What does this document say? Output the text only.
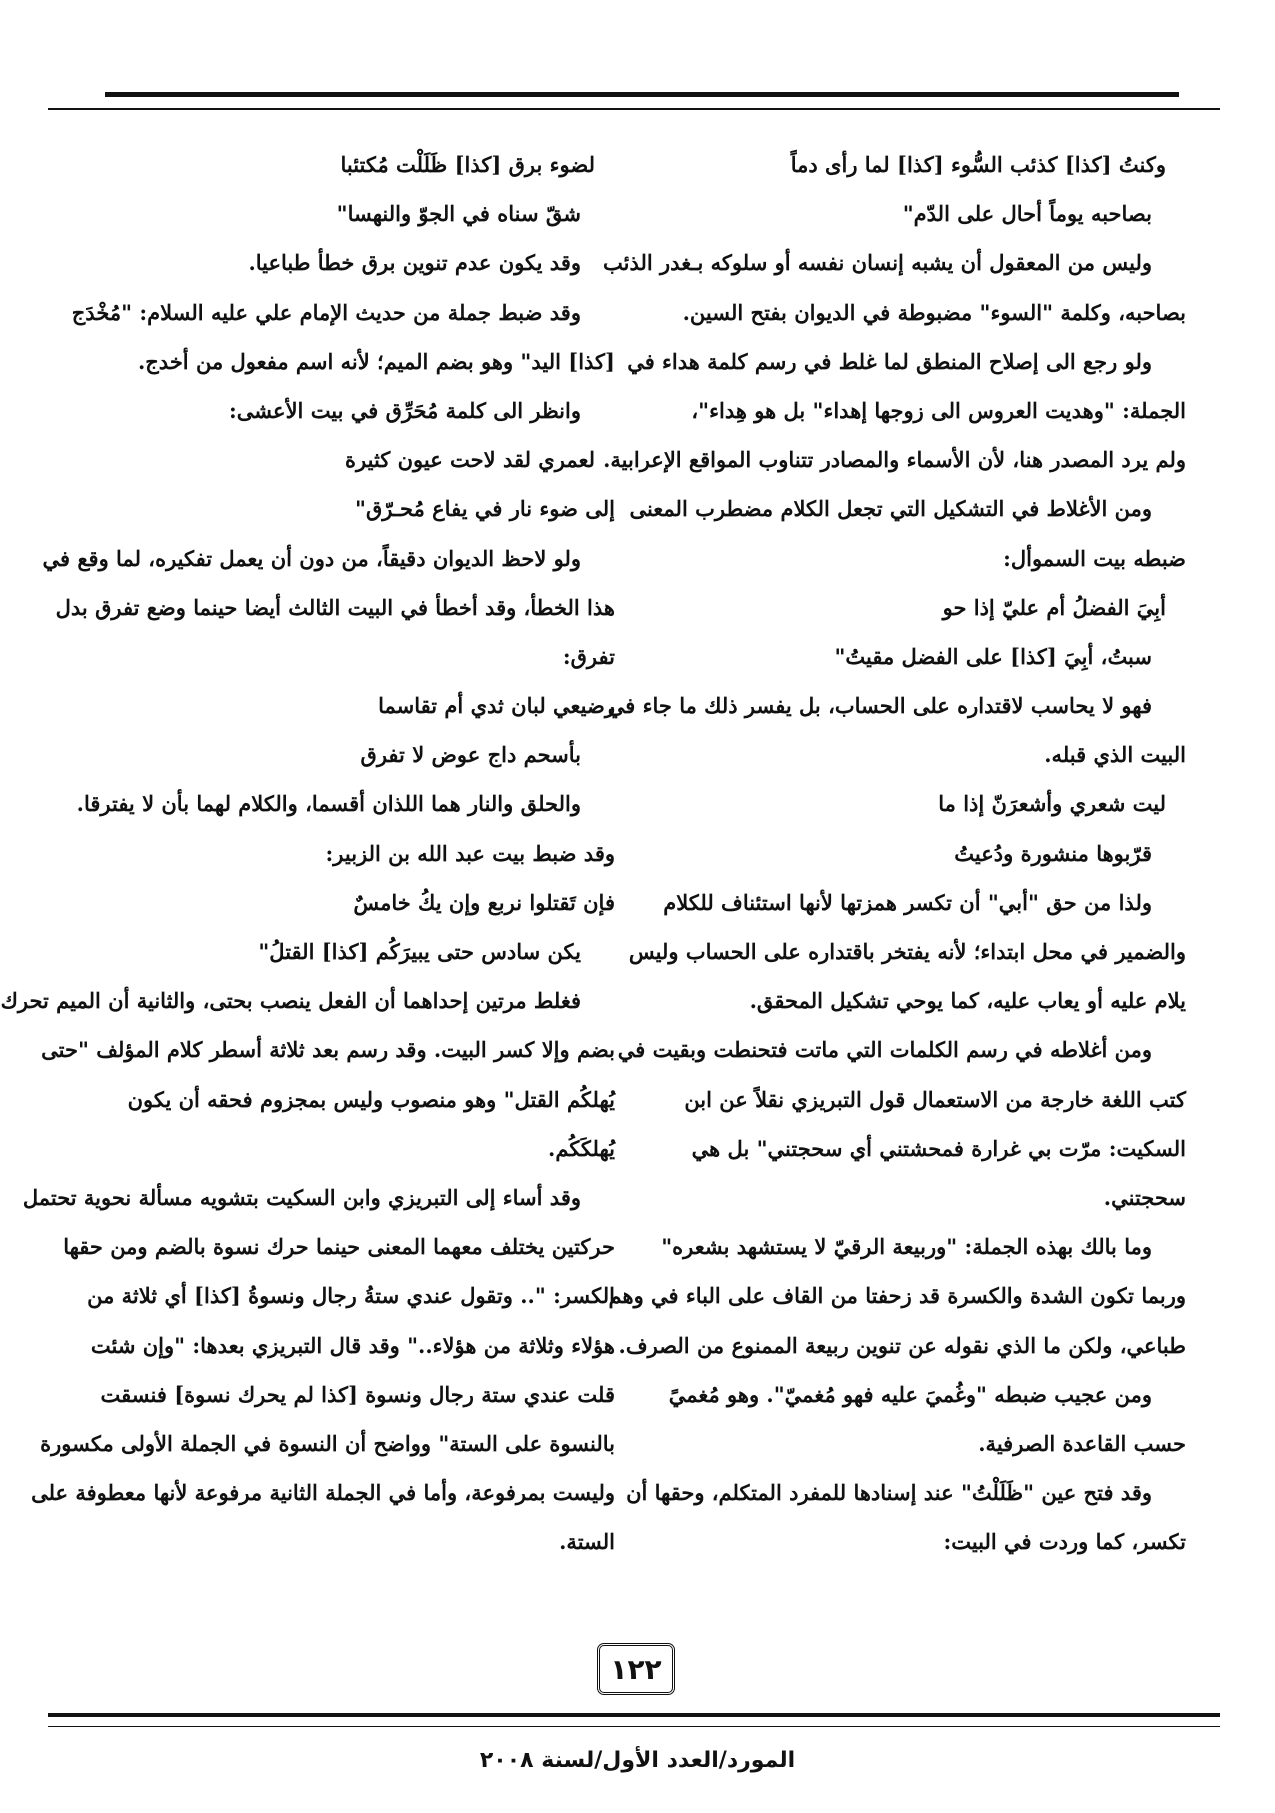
وكنتُ [كذا] كذئب السُّوء [كذا] لما رأى دماً
بصاحبه يوماً أحال على الدّم"
وليس من المعقول أن يشبه إنسان نفسه أو سلوكه بـغدر الذئب
بصاحبه، وكلمة "السوء" مضبوطة في الديوان بفتح السين.
ولو رجع الى إصلاح المنطق لما غلط في رسم كلمة هداء في
الجملة: "وهديت العروس الى زوجها إهداء" بل هو هِداء"،
ولم يرد المصدر هنا، لأن الأسماء والمصادر تتناوب المواقع الإعرابية.
ومن الأغلاط في التشكيل التي تجعل الكلام مضطرب المعنى
ضبطه بيت السموأل:
أبِيَ الفضلُ أم عليّ إذا حو
سبتُ، أبِيَ [كذا] على الفضل مقيتُ"
فهو لا يحاسب لاقتداره على الحساب، بل يفسر ذلك ما جاء في
البيت الذي قبله.
ليت شعري وأشعرَنّ إذا ما
قرّبوها منشورة ودُعيتُ
ولذا من حق "أبي" أن تكسر همزتها لأنها استئناف للكلام
والضمير في محل ابتداء؛ لأنه يفتخر باقتداره على الحساب وليس
يلام عليه أو يعاب عليه، كما يوحي تشكيل المحقق.
ومن أغلاطه في رسم الكلمات التي ماتت فتحنطت وبقيت في
كتب اللغة خارجة من الاستعمال قول التبريزي نقلاً عن ابن
السكيت: مرّت بي غرارة فمحشتني أي سحجتني" بل هي
سحجتني.
وما بالك بهذه الجملة: "وربيعة الرقيّ لا يستشهد بشعره"
وربما تكون الشدة والكسرة قد زحفتا من القاف على الباء في وهم
طباعي، ولكن ما الذي نقوله عن تنوين ربيعة الممنوع من الصرف.
ومن عجيب ضبطه "وغُميَ عليه فهو مُغميّ". وهو مُغميً
حسب القاعدة الصرفية.
وقد فتح عين "ظَلَلْتُ" عند إسنادها للمفرد المتكلم، وحقها أن
تكسر، كما وردت في البيت:
لضوء برق [كذا] ظَلَلْت مُكتئبا
شقّ سناه في الجوّ والنهسا"
وقد يكون عدم تنوين برق خطأ طباعيا.
وقد ضبط جملة من حديث الإمام علي عليه السلام: "مُخْدَج
[كذا] اليد" وهو بضم الميم؛ لأنه اسم مفعول من أخدج.
وانظر الى كلمة مُحَرِّق في بيت الأعشى:
لعمري لقد لاحت عيون كثيرة
إلى ضوء نار في يفاع مُحـرّق"
ولو لاحظ الديوان دقيقاً، من دون أن يعمل تفكيره، لما وقع في
هذا الخطأ، وقد أخطأ في البيت الثالث أيضا حينما وضع تفرق بدل
تفرق:
رضيعي لبان ثدي أم تقاسما
بأسحم داج عوض لا تفرق
والحلق والنار هما اللذان أقسما، والكلام لهما بأن لا يفترقا.
وقد ضبط بيت عبد الله بن الزبير:
فإن تَقتلوا نربع وإن يكُ خامسٌ
يكن سادس حتى يبيرَكُم [كذا] القتلُ"
فغلط مرتين إحداهما أن الفعل ينصب بحتى، والثانية أن الميم تحرك
بضم وإلا كسر البيت. وقد رسم بعد ثلاثة أسطر كلام المؤلف "حتى
يُهلكُم القتل" وهو منصوب وليس بمجزوم فحقه أن يكون
يُهلكَكُم.
وقد أساء إلى التبريزي وابن السكيت بتشويه مسألة نحوية تحتمل
حركتين يختلف معهما المعنى حينما حرك نسوة بالضم ومن حقها
الكسر: ".. وتقول عندي ستةُ رجال ونسوةُ [كذا] أي ثلاثة من
هؤلاء وثلاثة من هؤلاء.." وقد قال التبريزي بعدها: "وإن شئت
قلت عندي ستة رجال ونسوة [كذا لم يحرك نسوة] فنسقت
بالنسوة على الستة" وواضح أن النسوة في الجملة الأولى مكسورة
وليست بمرفوعة، وأما في الجملة الثانية مرفوعة لأنها معطوفة على
الستة.
١٢٢
المورد/العدد الأول/لسنة ٢٠٠٨
